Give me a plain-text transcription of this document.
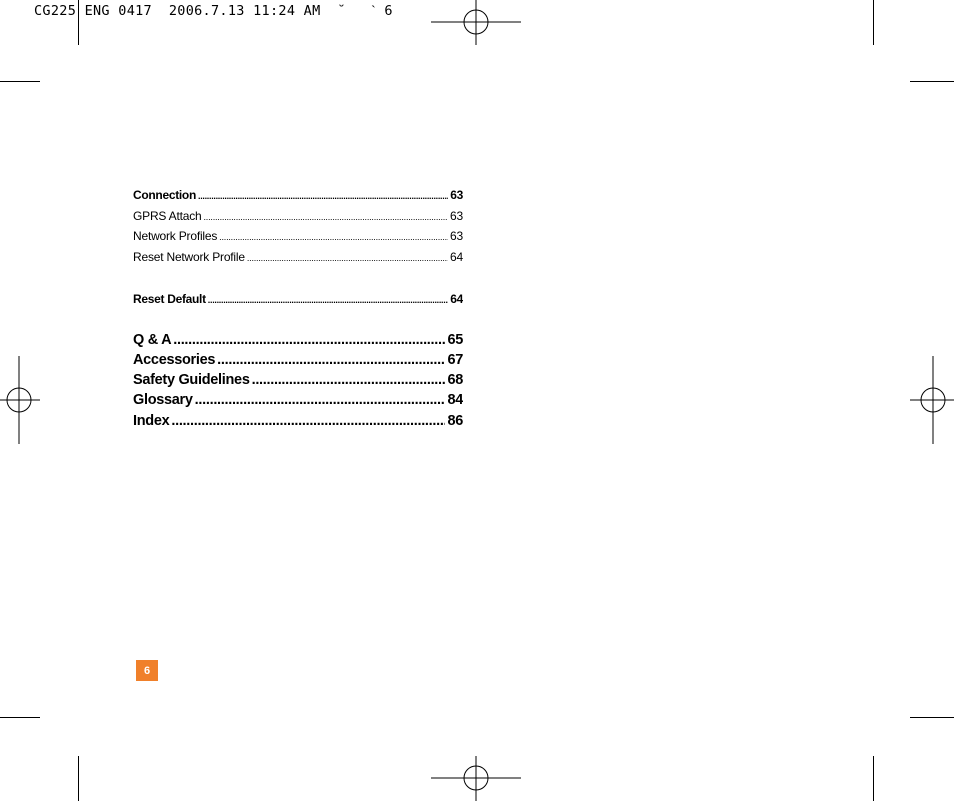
CG225 ENG 0417  2006.7.13 11:24 AM  ˘   ˋ 6
Connection .....	63
GPRS Attach .....	63
Network Profiles .....	63
Reset Network Profile .....	64
Reset Default .....	64
Q & A .....	65
Accessories .....	67
Safety Guidelines .....	68
Glossary .....	84
Index .....	86
6
